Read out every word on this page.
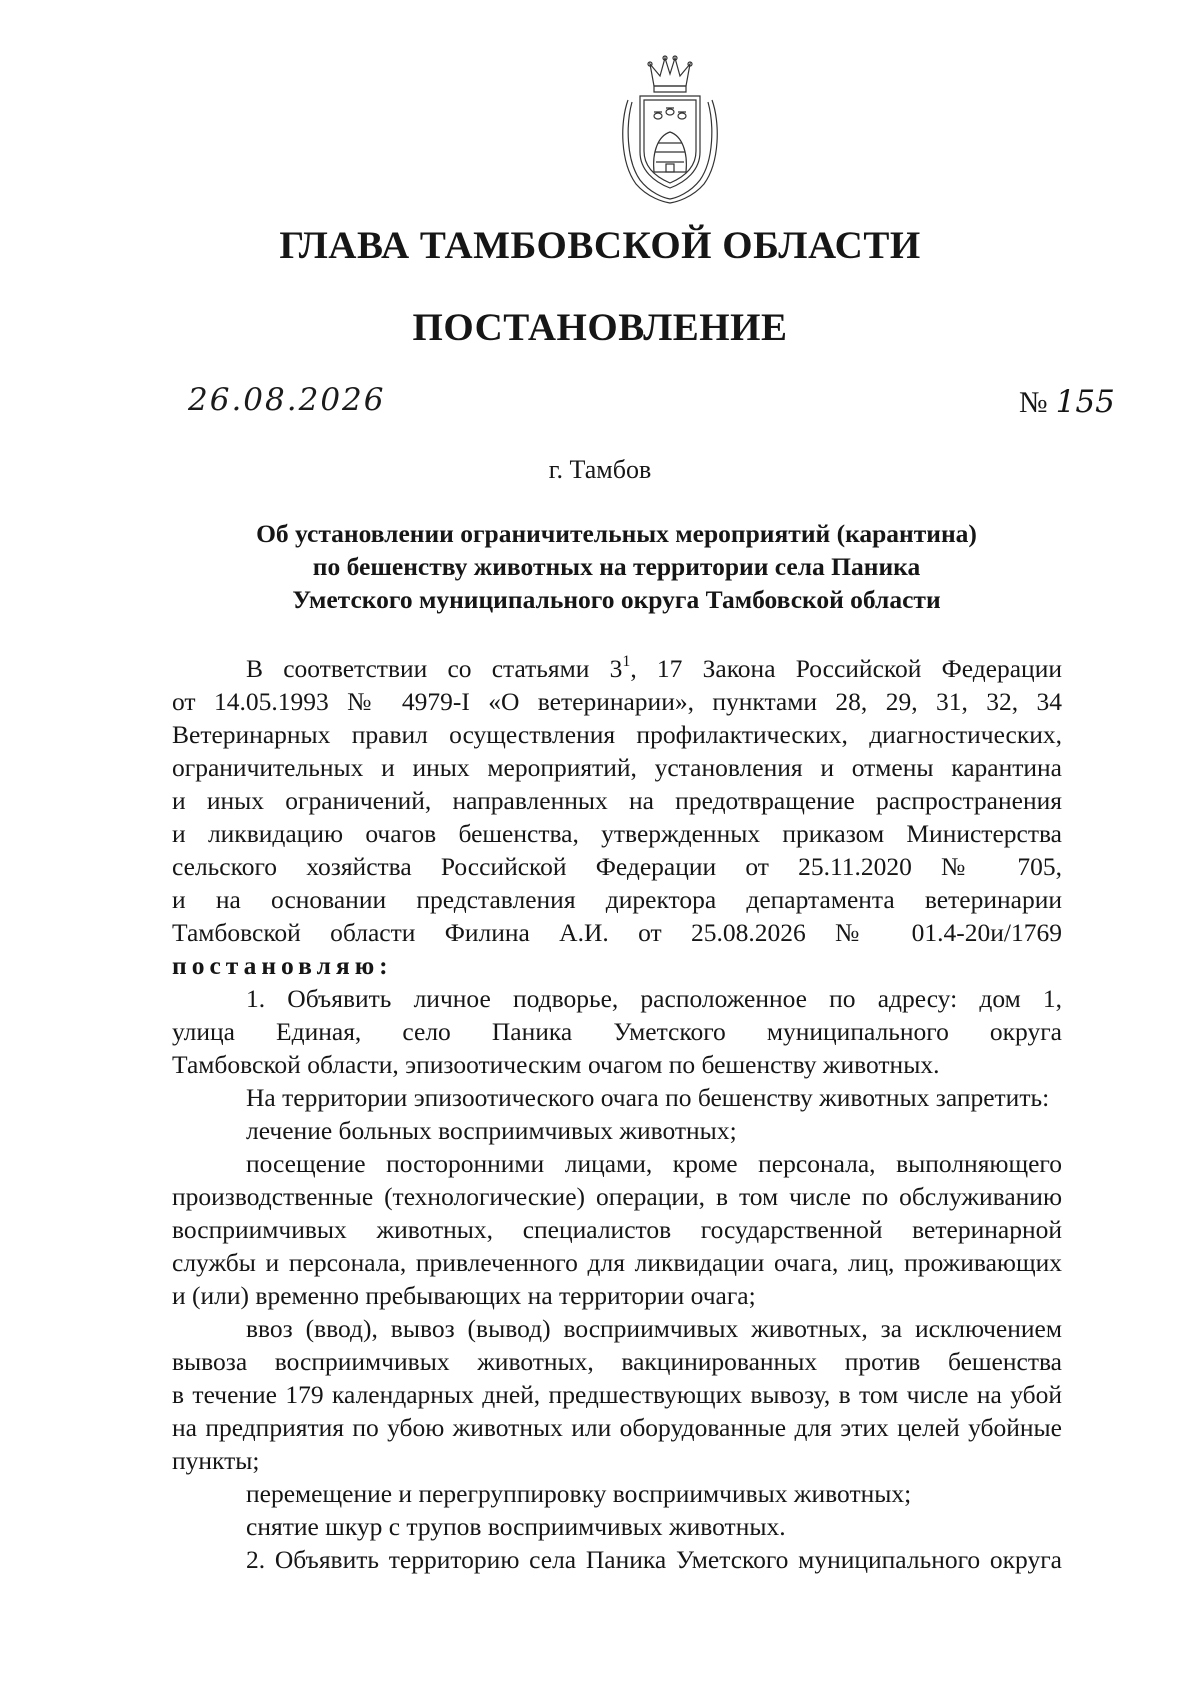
ГЛАВА ТАМБОВСКОЙ ОБЛАСТИ
ПОСТАНОВЛЕНИЕ
26.08.2026	№ 155
г. Тамбов
Об установлении ограничительных мероприятий (карантина)
по бешенству животных на территории села Паника
Уметского муниципального округа Тамбовской области
В соответствии со статьями $3^1$, 17 Закона Российской Федерации
от 14.05.1993 № 4979-I «О ветеринарии», пунктами 28, 29, 31, 32, 34
Ветеринарных правил осуществления профилактических, диагностических,
ограничительных и иных мероприятий, установления и отмены карантина
и иных ограничений, направленных на предотвращение распространения
и ликвидацию очагов бешенства, утвержденных приказом Министерства
сельского хозяйства Российской Федерации от 25.11.2020 № 705,
и на основании представления директора департамента ветеринарии
Тамбовской области Филина А.И. от 25.08.2026 № 01.4-20и/1769
постановляю:
1. Объявить личное подворье, расположенное по адресу: дом 1,
улица Единая, село Паника Уметского муниципального округа
Тамбовской области, эпизоотическим очагом по бешенству животных.
На территории эпизоотического очага по бешенству животных запретить:
лечение больных восприимчивых животных;
посещение посторонними лицами, кроме персонала, выполняющего
производственные (технологические) операции, в том числе по обслуживанию
восприимчивых животных, специалистов государственной ветеринарной
службы и персонала, привлеченного для ликвидации очага, лиц, проживающих
и (или) временно пребывающих на территории очага;
ввоз (ввод), вывоз (вывод) восприимчивых животных, за исключением
вывоза восприимчивых животных, вакцинированных против бешенства
в течение 179 календарных дней, предшествующих вывозу, в том числе на убой
на предприятия по убою животных или оборудованные для этих целей убойные
пункты;
перемещение и перегруппировку восприимчивых животных;
снятие шкур с трупов восприимчивых животных.
2. Объявить территорию села Паника Уметского муниципального округа
